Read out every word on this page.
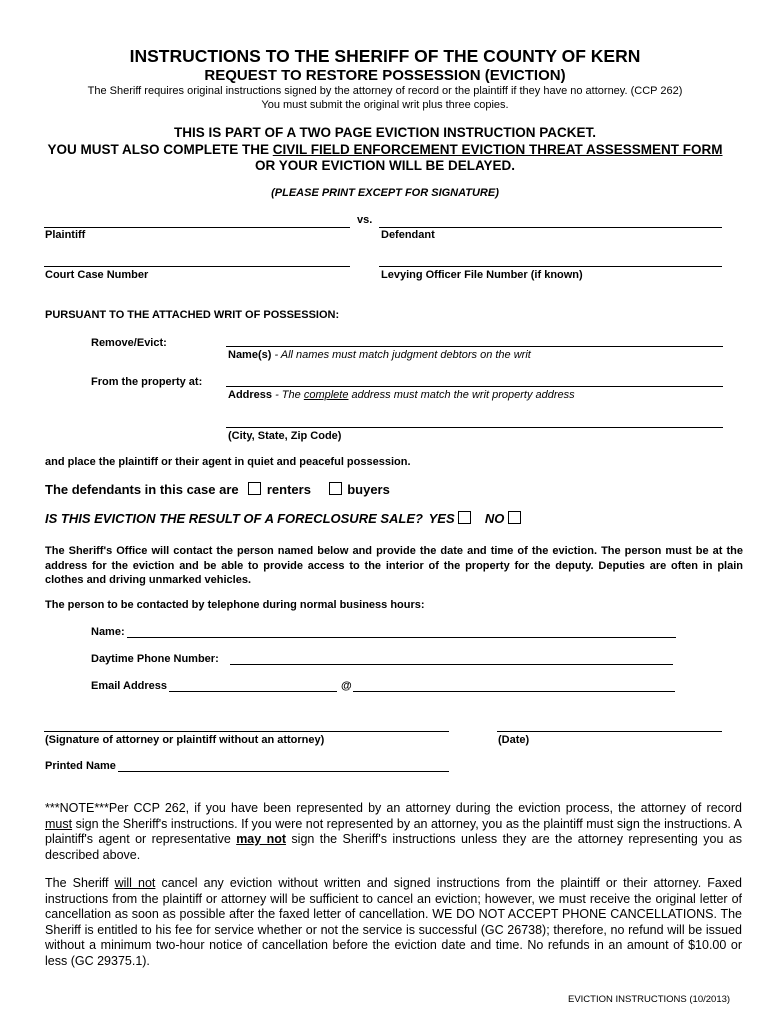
INSTRUCTIONS TO THE SHERIFF OF THE COUNTY OF KERN
REQUEST TO RESTORE POSSESSION (EVICTION)
The Sheriff requires original instructions signed by the attorney of record or the plaintiff if they have no attorney. (CCP 262)
You must submit the original writ plus three copies.
THIS IS PART OF A TWO PAGE EVICTION INSTRUCTION PACKET.
YOU MUST ALSO COMPLETE THE CIVIL FIELD ENFORCEMENT EVICTION THREAT ASSESSMENT FORM
OR YOUR EVICTION WILL BE DELAYED.
(PLEASE PRINT EXCEPT FOR SIGNATURE)
vs.
Plaintiff	Defendant
Court Case Number	Levying Officer File Number (if known)
PURSUANT TO THE ATTACHED WRIT OF POSSESSION:
Remove/Evict:
Name(s) - All names must match judgment debtors on the writ
From the property at:
Address - The complete address must match the writ property address
(City, State, Zip Code)
and place the plaintiff or their agent in quiet and peaceful possession.
The defendants in this case are renters	buyers
IS THIS EVICTION THE RESULT OF A FORECLOSURE SALE? YES NO
The Sheriff's Office will contact the person named below and provide the date and time of the eviction. The person must be at the address for the eviction and be able to provide access to the interior of the property for the deputy. Deputies are often in plain clothes and driving unmarked vehicles.
The person to be contacted by telephone during normal business hours:
Name:
Daytime Phone Number:
Email Address	@
(Signature of attorney or plaintiff without an attorney)	(Date)
Printed Name
***NOTE***Per CCP 262, if you have been represented by an attorney during the eviction process, the attorney of record must sign the Sheriff's instructions. If you were not represented by an attorney, you as the plaintiff must sign the instructions. A plaintiff's agent or representative may not sign the Sheriff's instructions unless they are the attorney representing you as described above.
The Sheriff will not cancel any eviction without written and signed instructions from the plaintiff or their attorney. Faxed instructions from the plaintiff or attorney will be sufficient to cancel an eviction; however, we must receive the original letter of cancellation as soon as possible after the faxed letter of cancellation. WE DO NOT ACCEPT PHONE CANCELLATIONS. The Sheriff is entitled to his fee for service whether or not the service is successful (GC 26738); therefore, no refund will be issued without a minimum two-hour notice of cancellation before the eviction date and time. No refunds in an amount of $10.00 or less (GC 29375.1).
EVICTION INSTRUCTIONS (10/2013)
